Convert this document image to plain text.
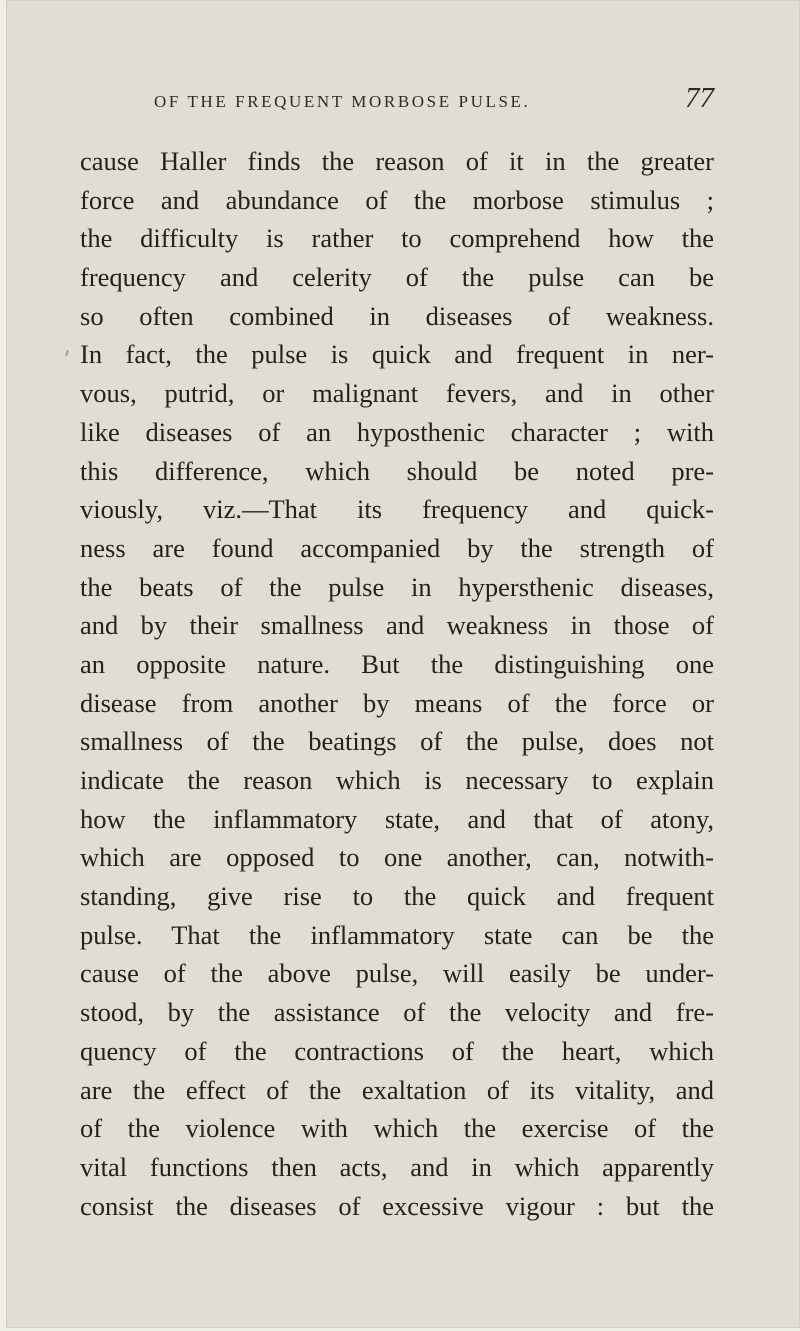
OF THE FREQUENT MORBOSE PULSE.	77
cause Haller finds the reason of it in the greater
force and abundance of the morbose stimulus ;
the difficulty is rather to comprehend how the
frequency and celerity of the pulse can be
so often combined in diseases of weakness.
In fact, the pulse is quick and frequent in ner-
vous, putrid, or malignant fevers, and in other
like diseases of an hyposthenic character ; with
this difference, which should be noted pre-
viously, viz.—That its frequency and quick-
ness are found accompanied by the strength of
the beats of the pulse in hypersthenic diseases,
and by their smallness and weakness in those of
an opposite nature. But the distinguishing one
disease from another by means of the force or
smallness of the beatings of the pulse, does not
indicate the reason which is necessary to explain
how the inflammatory state, and that of atony,
which are opposed to one another, can, notwith-
standing, give rise to the quick and frequent
pulse. That the inflammatory state can be the
cause of the above pulse, will easily be under-
stood, by the assistance of the velocity and fre-
quency of the contractions of the heart, which
are the effect of the exaltation of its vitality, and
of the violence with which the exercise of the
vital functions then acts, and in which apparently
consist the diseases of excessive vigour : but the
